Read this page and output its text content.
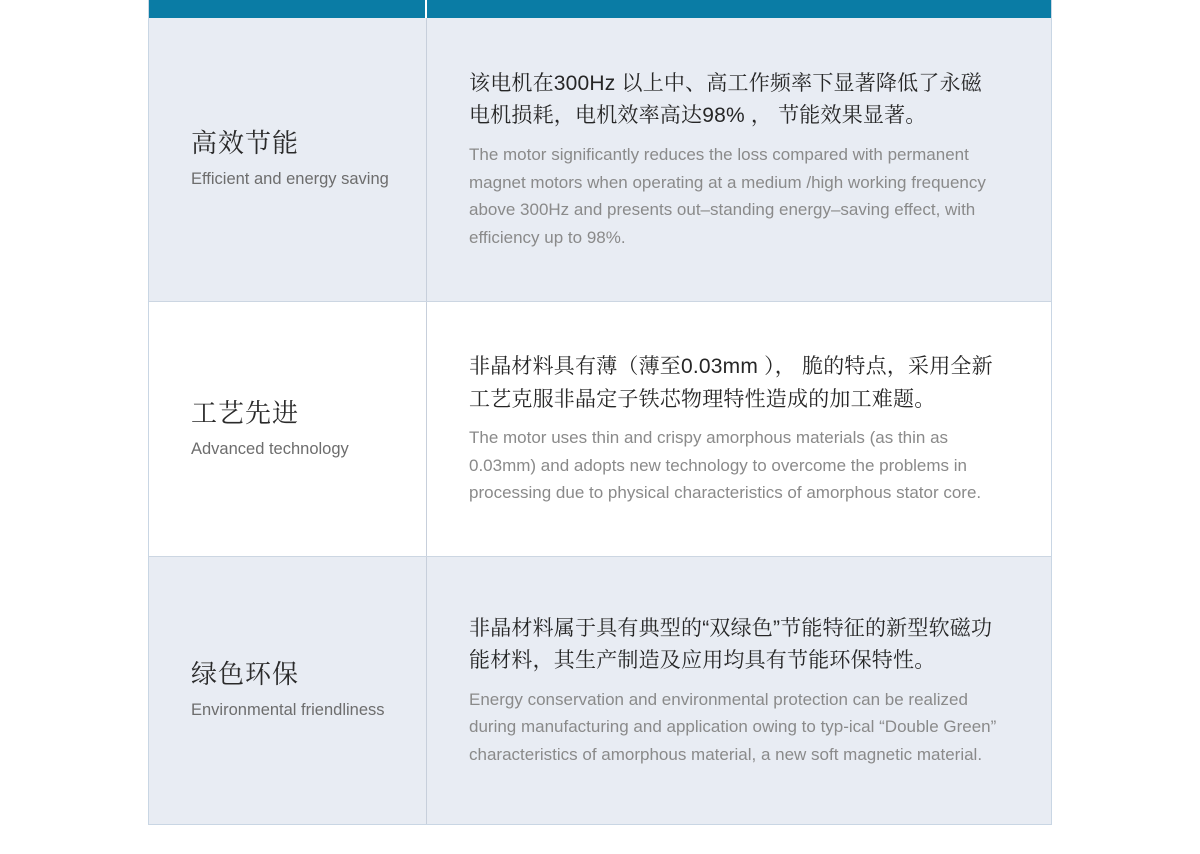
高效节能
Efficient and energy saving
该电机在300Hz 以上中、高工作频率下显著降低了永磁电机损耗，电机效率高达98% ， 节能效果显著。
The motor significantly reduces the loss compared with permanent magnet motors when operating at a medium /high working frequency above 300Hz and presents out–standing energy–saving effect, with efficiency up to 98%.
工艺先进
Advanced technology
非晶材料具有薄（薄至0.03mm ）， 脆的特点，采用全新工艺克服非晶定子铁芯物理特性造成的加工难题。
The motor uses thin and crispy amorphous materials (as thin as 0.03mm) and adopts new technology to overcome the problems in processing due to physical characteristics of amorphous stator core.
绿色环保
Environmental friendliness
非晶材料属于具有典型的“双绿色”节能特征的新型软磁功能材料，其生产制造及应用均具有节能环保特性。
Energy conservation and environmental protection can be realized during manufacturing and application owing to typ-ical “Double Green” characteristics of amorphous material, a new soft magnetic material.
